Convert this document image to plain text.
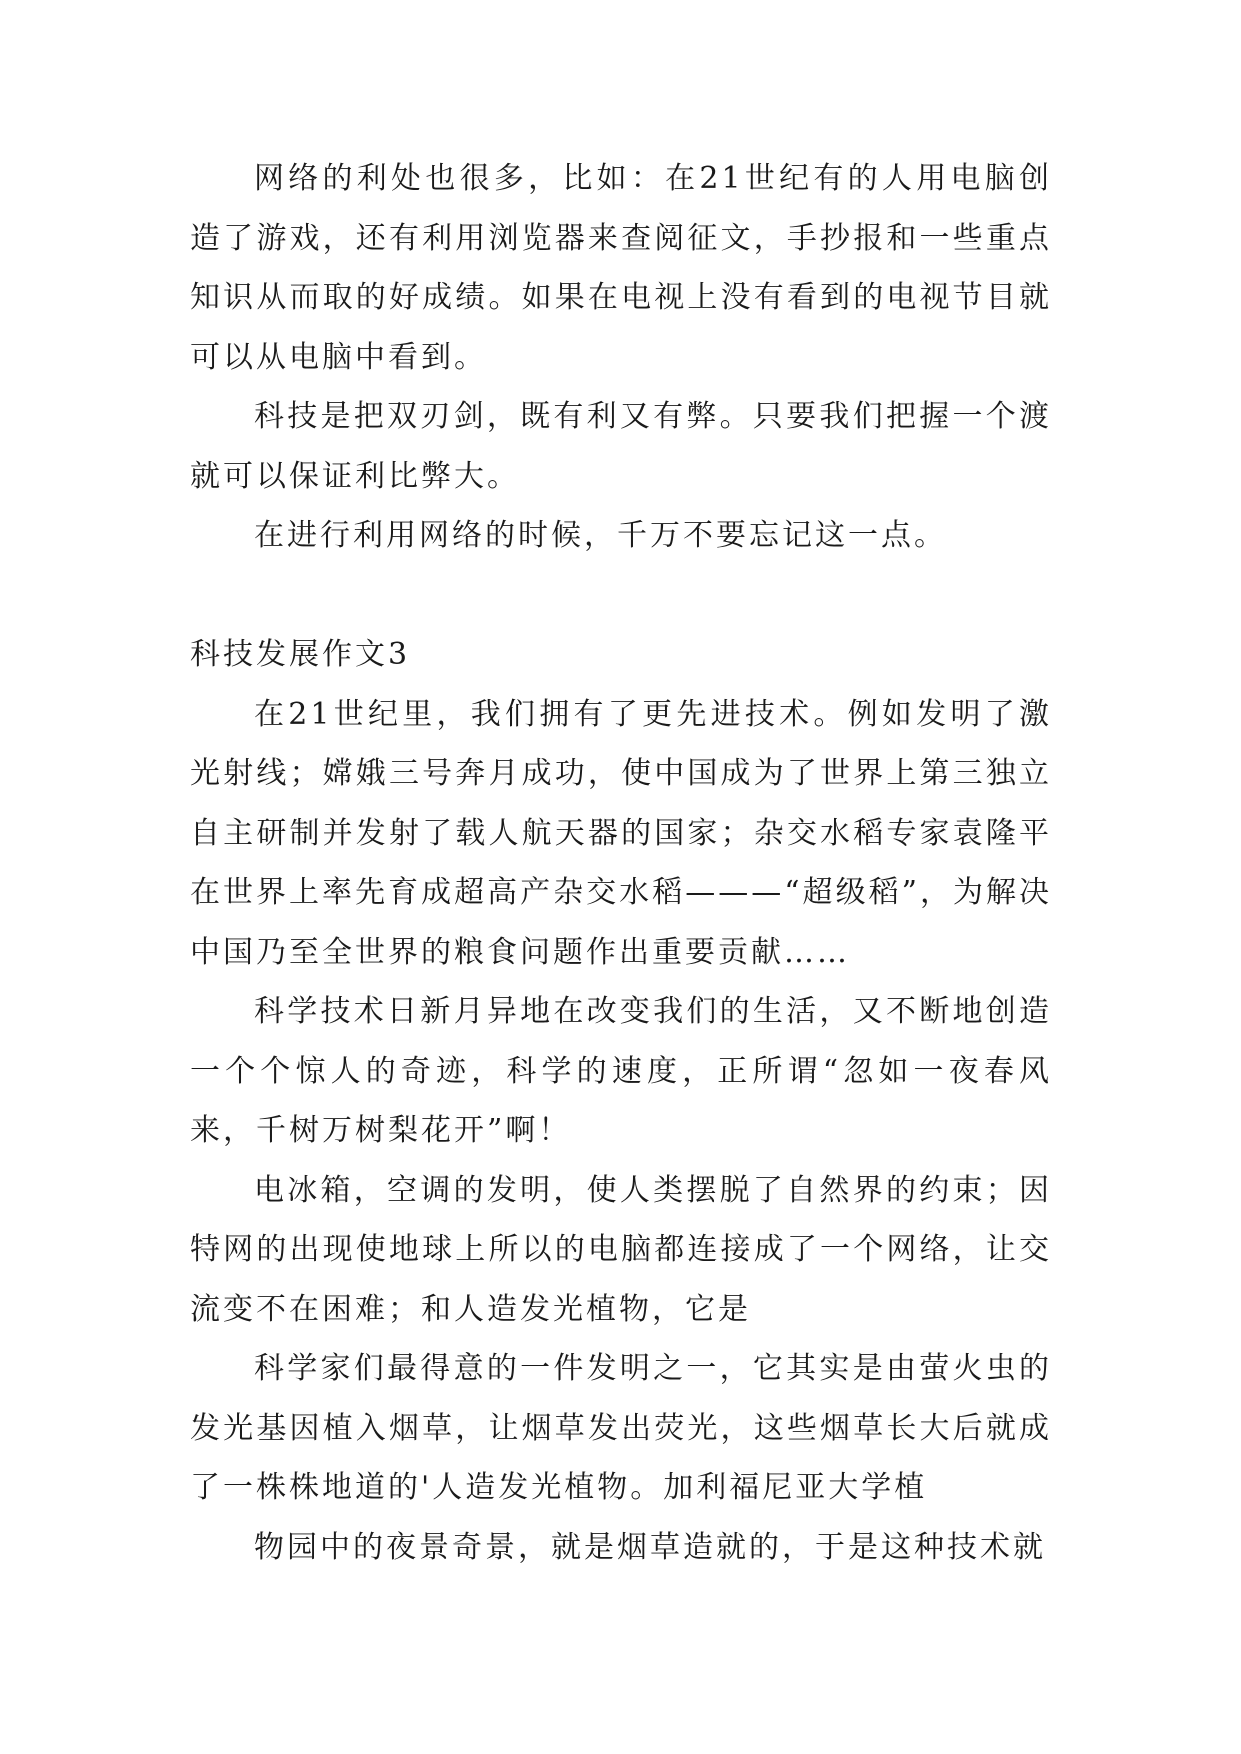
网络的利处也很多，比如：在21世纪有的人用电脑创造了游戏，还有利用浏览器来查阅征文，手抄报和一些重点知识从而取的好成绩。如果在电视上没有看到的电视节目就可以从电脑中看到。

科技是把双刃剑，既有利又有弊。只要我们把握一个渡就可以保证利比弊大。

在进行利用网络的时候，千万不要忘记这一点。

科技发展作文3

在21世纪里，我们拥有了更先进技术。例如发明了激光射线；嫦娥三号奔月成功，使中国成为了世界上第三独立自主研制并发射了载人航天器的国家；杂交水稻专家袁隆平在世界上率先育成超高产杂交水稻———“超级稻”，为解决中国乃至全世界的粮食问题作出重要贡献……

科学技术日新月异地在改变我们的生活，又不断地创造一个个惊人的奇迹，科学的速度，正所谓“忽如一夜春风来，千树万树梨花开”啊！

电冰箱，空调的发明，使人类摆脱了自然界的约束；因特网的出现使地球上所以的电脑都连接成了一个网络，让交流变不在困难；和人造发光植物，它是

科学家们最得意的一件发明之一，它其实是由萤火虫的发光基因植入烟草，让烟草发出荧光，这些烟草长大后就成了一株株地道的'人造发光植物。加利福尼亚大学植

物园中的夜景奇景，就是烟草造就的，于是这种技术就
